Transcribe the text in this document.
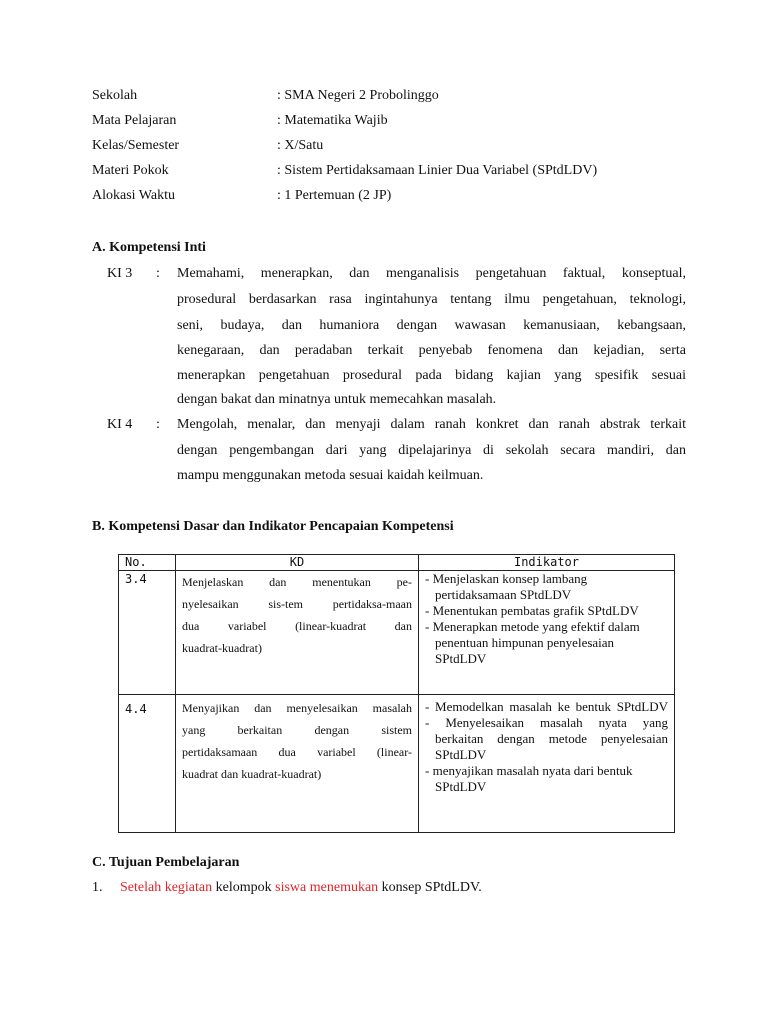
Sekolah	: SMA Negeri 2 Probolinggo
Mata Pelajaran	: Matematika Wajib
Kelas/Semester	: X/Satu
Materi Pokok	: Sistem Pertidaksamaan Linier Dua Variabel (SPtdLDV)
Alokasi Waktu	: 1 Pertemuan (2 JP)
A. Kompetensi Inti
KI 3 : Memahami, menerapkan, dan menganalisis pengetahuan faktual, konseptual,
prosedural berdasarkan rasa ingintahunya tentang ilmu pengetahuan, teknologi,
seni, budaya, dan humaniora dengan wawasan kemanusiaan, kebangsaan,
kenegaraan, dan peradaban terkait penyebab fenomena dan kejadian, serta
menerapkan pengetahuan prosedural pada bidang kajian yang spesifik sesuai
dengan bakat dan minatnya untuk memecahkan masalah.
KI 4 : Mengolah, menalar, dan menyaji dalam ranah konkret dan ranah abstrak terkait
dengan pengembangan dari yang dipelajarinya di sekolah secara mandiri, dan
mampu menggunakan metoda sesuai kaidah keilmuan.
B. Kompetensi Dasar dan Indikator Pencapaian Kompetensi
No.	KD	Indikator
3.4	Menjelaskan dan menentukan pe-
nyelesaikan sis-tem pertidaksa-maan
dua variabel (linear-kuadrat dan
kuadrat-kuadrat)	- Menjelaskan konsep lambang pertidaksamaan SPtdLDV
- Menentukan pembatas grafik SPtdLDV
- Menerapkan metode yang efektif dalam penentuan himpunan penyelesaian SPtdLDV

4.4	Menyajikan dan menyelesaikan masalah
yang berkaitan dengan sistem
pertidaksamaan dua variabel (linear-
kuadrat dan kuadrat-kuadrat)	- Memodelkan masalah ke bentuk SPtdLDV
- Menyelesaikan masalah nyata yang berkaitan dengan metode penyelesaian SPtdLDV
- menyajikan masalah nyata dari bentuk SPtdLDV
C. Tujuan Pembelajaran
1. Setelah kegiatan kelompok siswa menemukan konsep SPtdLDV.
